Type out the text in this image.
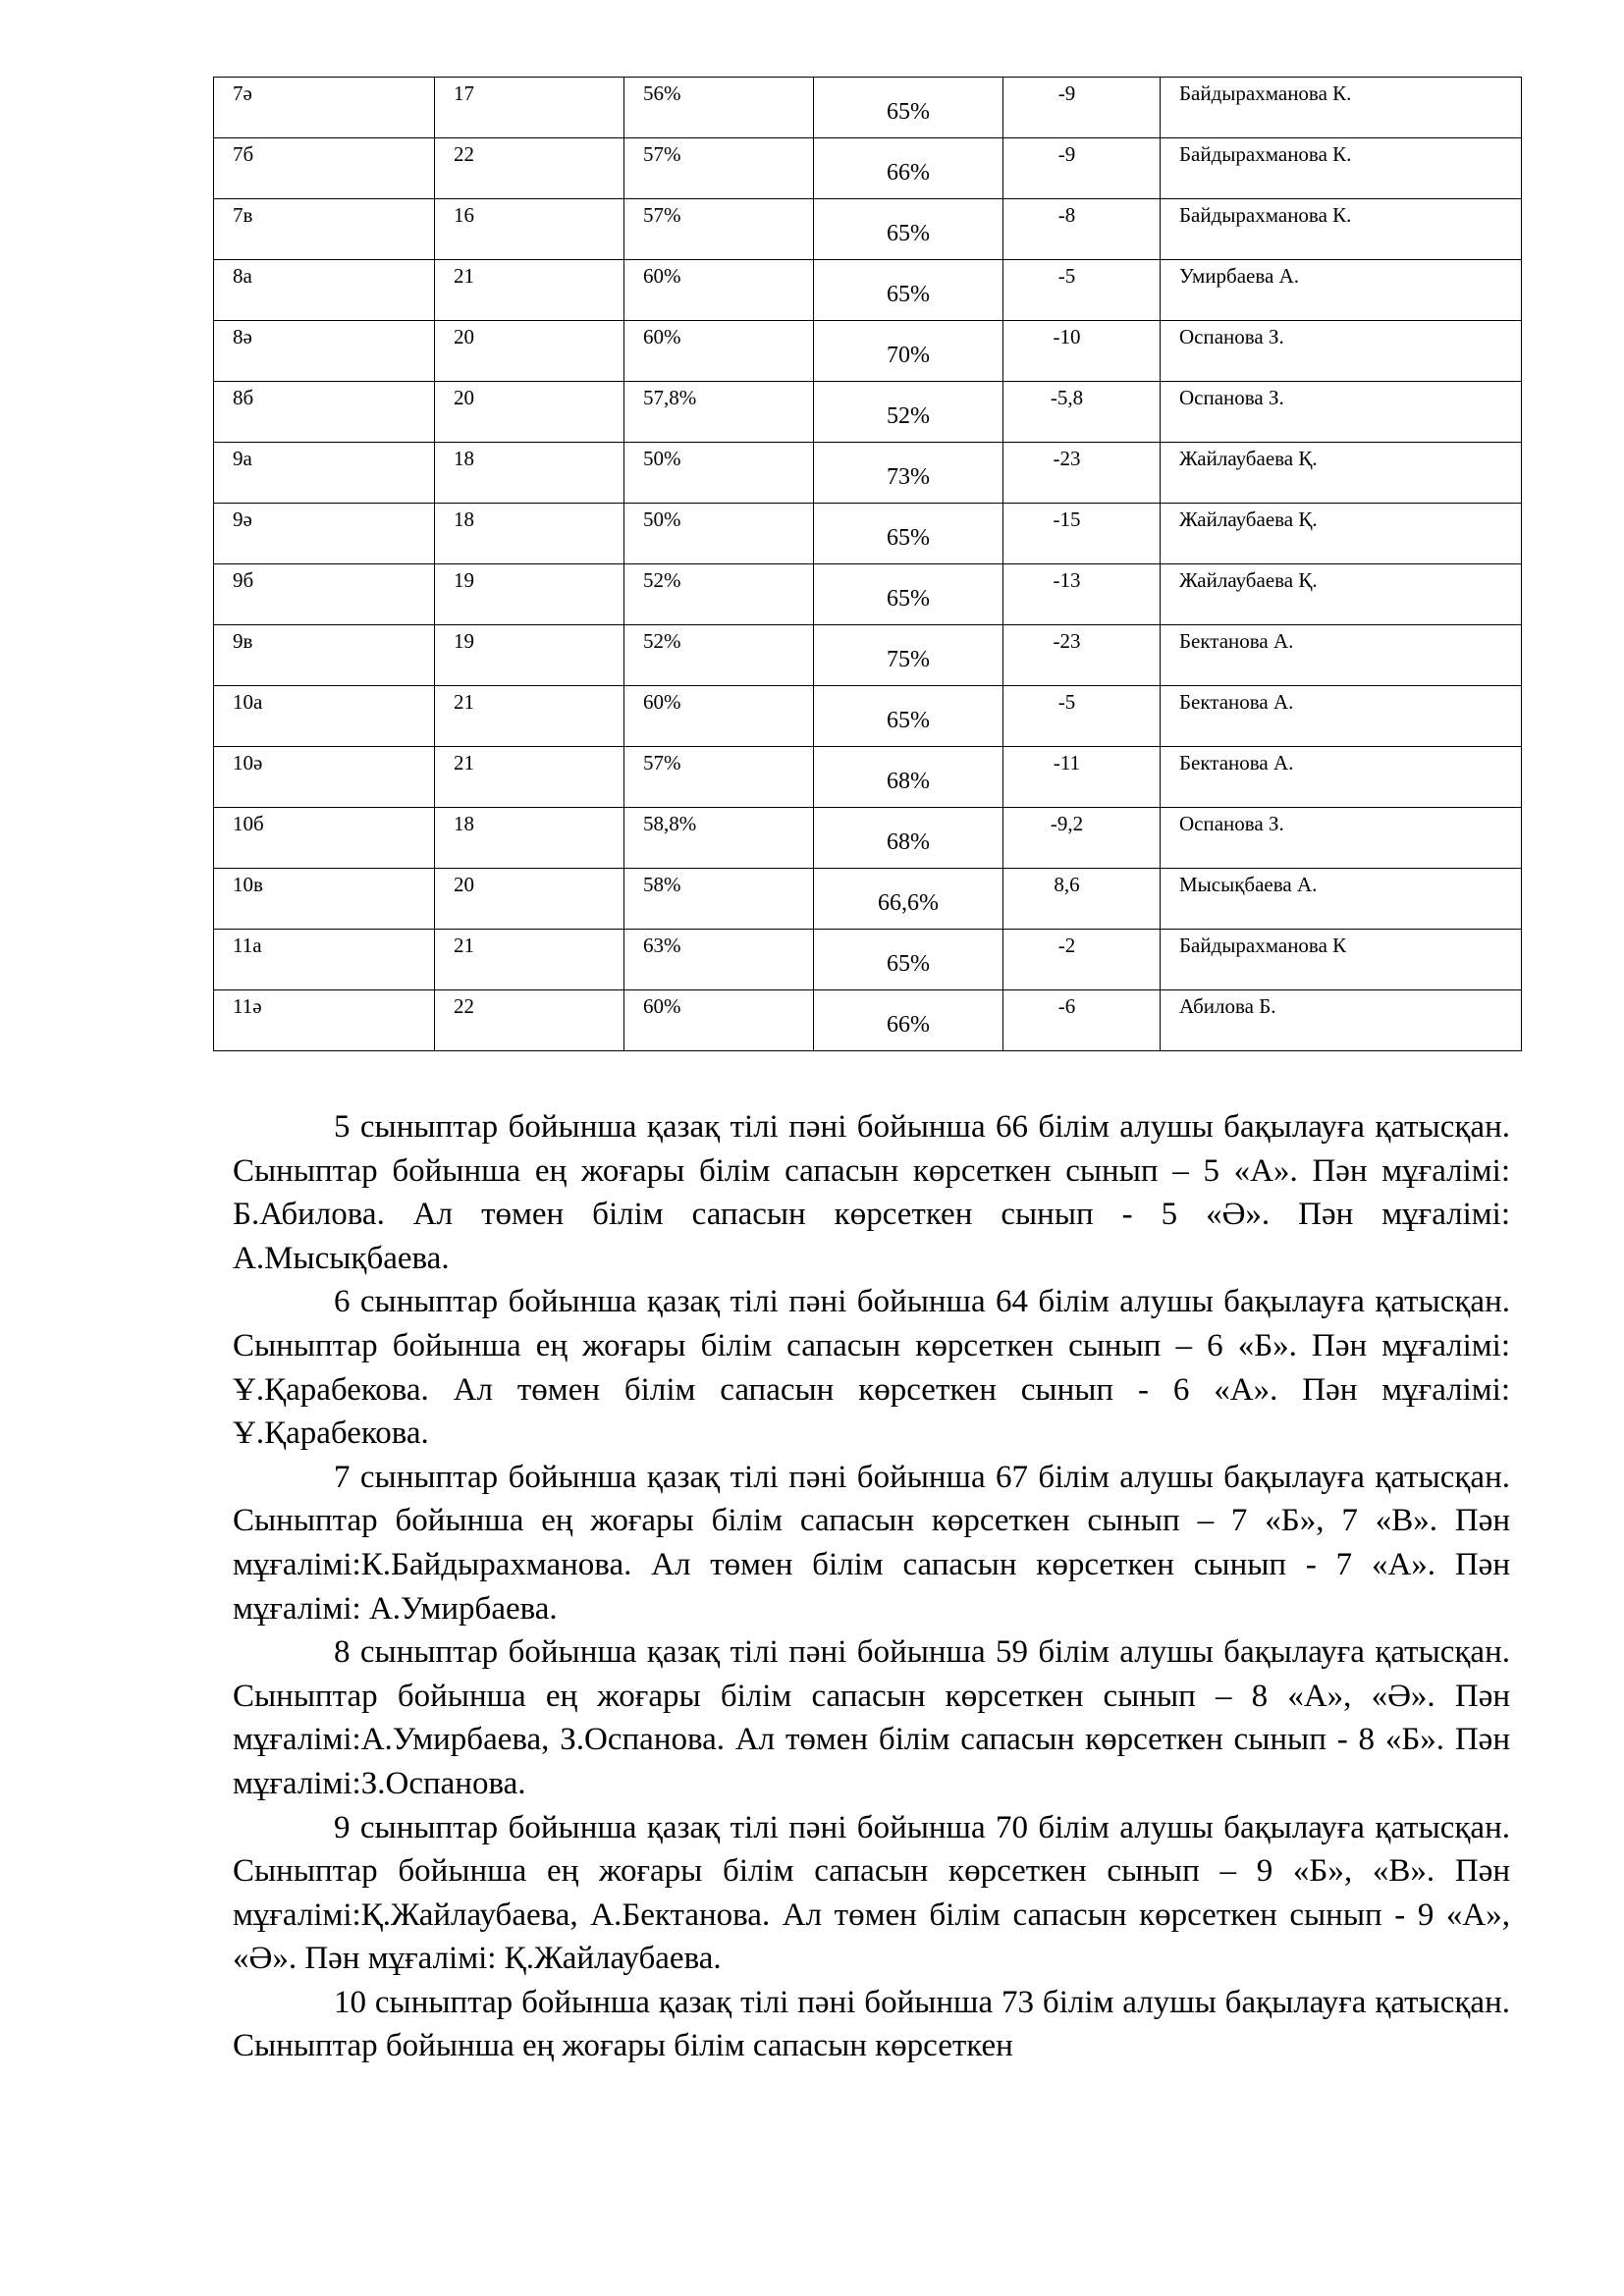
7ә	17	56%	65%	-9	Байдырахманова К.

7б	22	57%	66%	-9	Байдырахманова К.

7в	16	57%	65%	-8	Байдырахманова К.

8а	21	60%	65%	-5	Умирбаева А.

8ә	20	60%	70%	-10	Оспанова З.

8б	20	57,8%	52%	-5,8	Оспанова З.

9а	18	50%	73%	-23	Жайлаубаева Қ.

9ә	18	50%	65%	-15	Жайлаубаева Қ.

9б	19	52%	65%	-13	Жайлаубаева Қ.

9в	19	52%	75%	-23	Бектанова А.

10а	21	60%	65%	-5	Бектанова А.

10ә	21	57%	68%	-11	Бектанова А.

10б	18	58,8%	68%	-9,2	Оспанова З.

10в	20	58%	66,6%	8,6	Мысықбаева А.

11а	21	63%	65%	-2	Байдырахманова К

11ә	22	60%	66%	-6	Абилова Б.

5 сыныптар бойынша қазақ тілі пәні бойынша 66 білім алушы бақылауға қатысқан. Сыныптар бойынша ең жоғары білім сапасын көрсеткен сынып – 5 «А». Пән мұғалімі: Б.Абилова. Ал төмен білім сапасын көрсеткен сынып - 5 «Ә». Пән мұғалімі: А.Мысықбаева.

6 сыныптар бойынша қазақ тілі пәні бойынша 64 білім алушы бақылауға қатысқан. Сыныптар бойынша ең жоғары білім сапасын көрсеткен сынып – 6 «Б». Пән мұғалімі: Ұ.Қарабекова. Ал төмен білім сапасын көрсеткен сынып - 6 «А». Пән мұғалімі: Ұ.Қарабекова.

7 сыныптар бойынша қазақ тілі пәні бойынша 67 білім алушы бақылауға қатысқан. Сыныптар бойынша ең жоғары білім сапасын көрсеткен сынып – 7 «Б», 7 «В». Пән мұғалімі:К.Байдырахманова. Ал төмен білім сапасын көрсеткен сынып - 7 «А». Пән мұғалімі: А.Умирбаева.

8 сыныптар бойынша қазақ тілі пәні бойынша 59 білім алушы бақылауға қатысқан. Сыныптар бойынша ең жоғары білім сапасын көрсеткен сынып – 8 «А», «Ә». Пән мұғалімі:А.Умирбаева, З.Оспанова. Ал төмен білім сапасын көрсеткен сынып - 8 «Б». Пән мұғалімі:З.Оспанова.

9 сыныптар бойынша қазақ тілі пәні бойынша 70 білім алушы бақылауға қатысқан. Сыныптар бойынша ең жоғары білім сапасын көрсеткен сынып – 9 «Б», «В». Пән мұғалімі:Қ.Жайлаубаева, А.Бектанова. Ал төмен білім сапасын көрсеткен сынып - 9 «А», «Ә». Пән мұғалімі: Қ.Жайлаубаева.

10 сыныптар бойынша қазақ тілі пәні бойынша 73 білім алушы бақылауға қатысқан. Сыныптар бойынша ең жоғары білім сапасын көрсеткен
